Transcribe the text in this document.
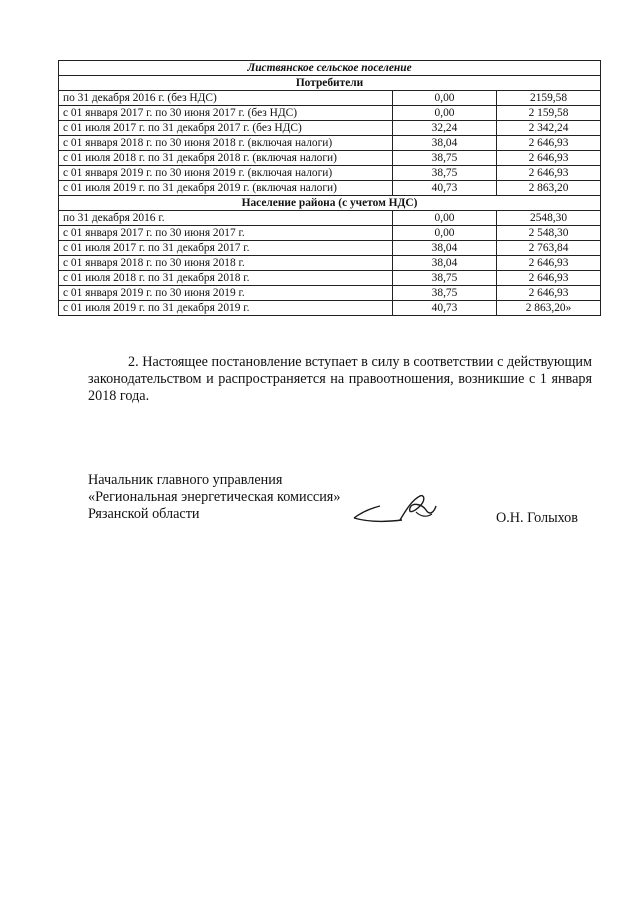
Листвянское сельское поселение		
Потребители		
по 31 декабря 2016 г. (без НДС)	0,00	2159,58
с 01 января 2017 г. по 30 июня 2017 г. (без НДС)	0,00	2 159,58
с 01 июля 2017 г. по 31 декабря 2017 г. (без НДС)	32,24	2 342,24
с 01 января 2018 г. по 30 июня 2018 г. (включая налоги)	38,04	2 646,93
с 01 июля 2018 г. по 31 декабря 2018 г. (включая налоги)	38,75	2 646,93
с 01 января 2019 г. по 30 июня 2019 г. (включая налоги)	38,75	2 646,93
с 01 июля 2019 г. по 31 декабря 2019 г. (включая налоги)	40,73	2 863,20
Население района (с учетом НДС)		
по 31 декабря 2016 г.	0,00	2548,30
с 01 января 2017 г. по 30 июня 2017 г.	0,00	2 548,30
с 01 июля 2017 г. по 31 декабря 2017 г.	38,04	2 763,84
с 01 января 2018 г. по 30 июня 2018 г.	38,04	2 646,93
с 01 июля 2018 г. по 31 декабря 2018 г.	38,75	2 646,93
с 01 января 2019 г. по 30 июня 2019 г.	38,75	2 646,93
с 01 июля 2019 г. по 31 декабря 2019 г.	40,73	2 863,20»

2. Настоящее постановление вступает в силу в соответствии с действующим законодательством и распространяется на правоотношения, возникшие с 1 января 2018 года.

Начальник главного управления
«Региональная энергетическая комиссия»
Рязанской области	О.Н. Голыхов
